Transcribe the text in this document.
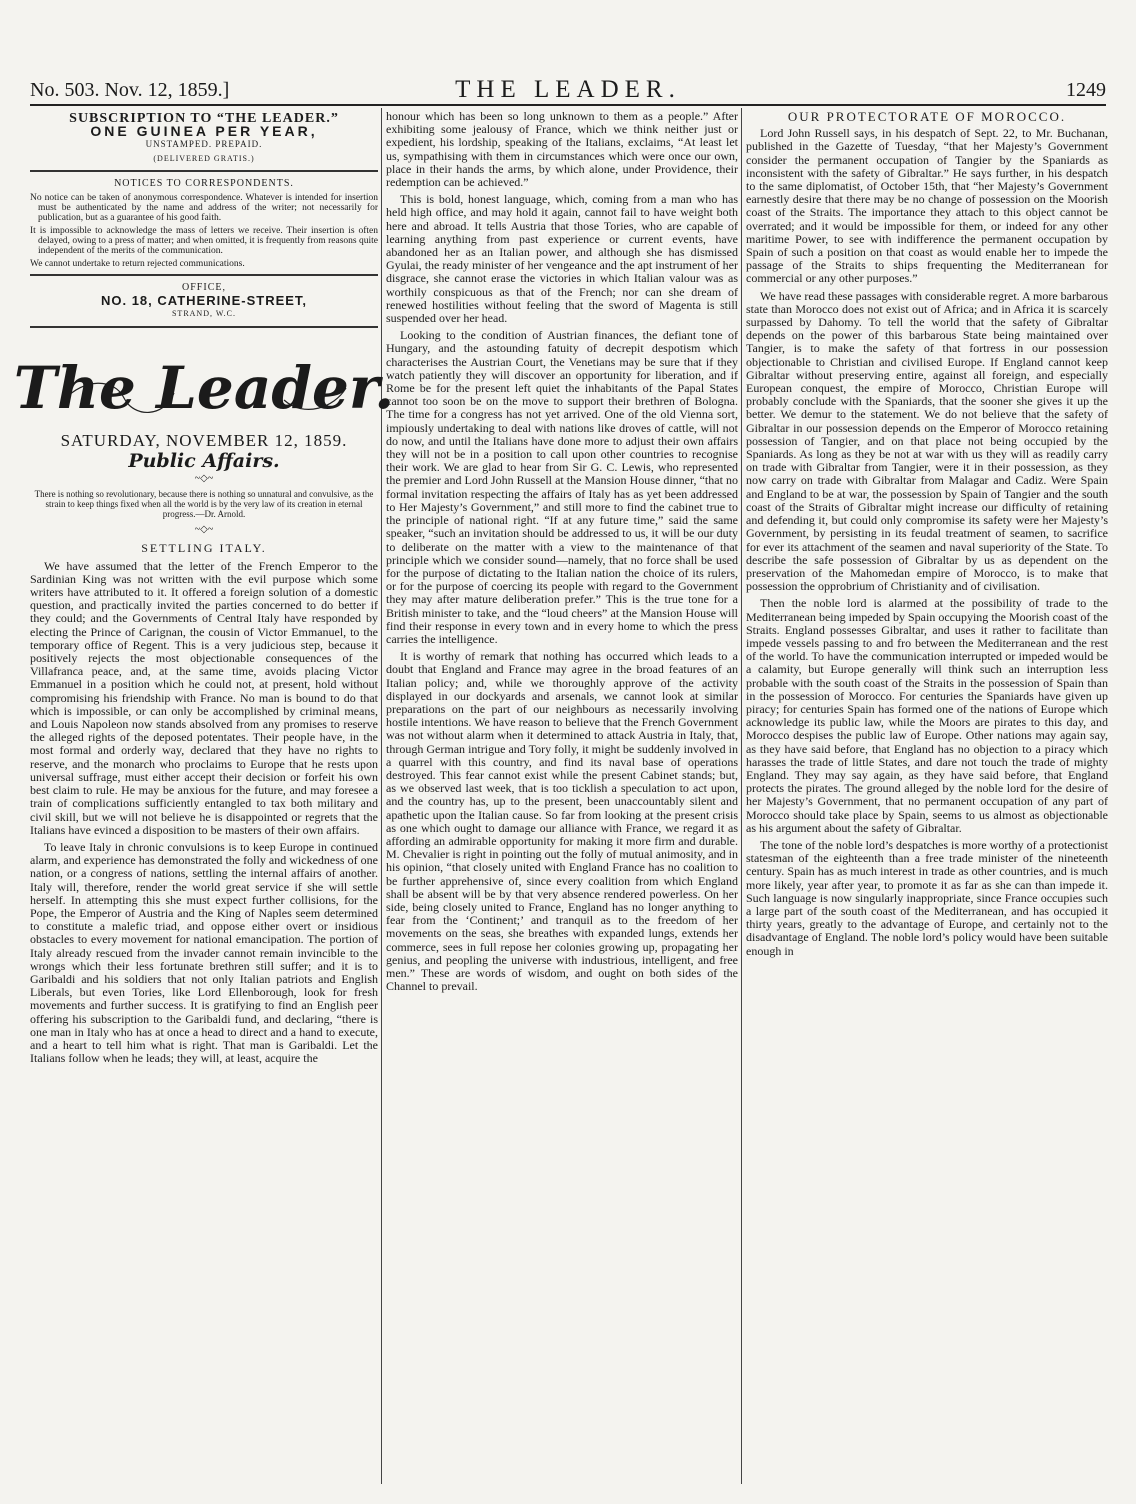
No. 503. Nov. 12, 1859.]	THE LEADER.	1249
SUBSCRIPTION TO “THE LEADER.”
ONE GUINEA PER YEAR,
UNSTAMPED. PREPAID.
(DELIVERED GRATIS.)
NOTICES TO CORRESPONDENTS.

No notice can be taken of anonymous correspondence. Whatever is intended for insertion must be authenticated by the name and address of the writer; not necessarily for publication, but as a guarantee of his good faith.

It is impossible to acknowledge the mass of letters we receive. Their insertion is often delayed, owing to a press of matter; and when omitted, it is frequently from reasons quite independent of the merits of the communication.

We cannot undertake to return rejected communications.

OFFICE,
NO. 18, CATHERINE-STREET,
STRAND, W.C.
The Leader.
SATURDAY, NOVEMBER 12, 1859.
Public Affairs.
~◇~
There is nothing so revolutionary, because there is nothing so unnatural and convulsive, as the strain to keep things fixed when all the world is by the very law of its creation in eternal progress.—Dr. Arnold.
~◇~
SETTLING ITALY.

We have assumed that the letter of the French Emperor to the Sardinian King was not written with the evil purpose which some writers have attributed to it. It offered a foreign solution of a domestic question, and practically invited the parties concerned to do better if they could; and the Governments of Central Italy have responded by electing the Prince of Carignan, the cousin of Victor Emmanuel, to the temporary office of Regent. This is a very judicious step, because it positively rejects the most objectionable consequences of the Villafranca peace, and, at the same time, avoids placing Victor Emmanuel in a position which he could not, at present, hold without compromising his friendship with France. No man is bound to do that which is impossible, or can only be accomplished by criminal means, and Louis Napoleon now stands absolved from any promises to reserve the alleged rights of the deposed potentates. Their people have, in the most formal and orderly way, declared that they have no rights to reserve, and the monarch who proclaims to Europe that he rests upon universal suffrage, must either accept their decision or forfeit his own best claim to rule. He may be anxious for the future, and may foresee a train of complications sufficiently entangled to tax both military and civil skill, but we will not believe he is disappointed or regrets that the Italians have evinced a disposition to be masters of their own affairs.

To leave Italy in chronic convulsions is to keep Europe in continued alarm, and experience has demonstrated the folly and wickedness of one nation, or a congress of nations, settling the internal affairs of another. Italy will, therefore, render the world great service if she will settle herself. In attempting this she must expect further collisions, for the Pope, the Emperor of Austria and the King of Naples seem determined to constitute a malefic triad, and oppose either overt or insidious obstacles to every movement for national emancipation. The portion of Italy already rescued from the invader cannot remain invincible to the wrongs which their less fortunate brethren still suffer; and it is to Garibaldi and his soldiers that not only Italian patriots and English Liberals, but even Tories, like Lord Ellenborough, look for fresh movements and further success. It is gratifying to find an English peer offering his subscription to the Garibaldi fund, and declaring, “there is one man in Italy who has at once a head to direct and a hand to execute, and a heart to tell him what is right. That man is Garibaldi. Let the Italians follow when he leads; they will, at least, acquire the

honour which has been so long unknown to them as a people.” After exhibiting some jealousy of France, which we think neither just or expedient, his lordship, speaking of the Italians, exclaims, “At least let us, sympathising with them in circumstances which were once our own, place in their hands the arms, by which alone, under Providence, their redemption can be achieved.”

This is bold, honest language, which, coming from a man who has held high office, and may hold it again, cannot fail to have weight both here and abroad. It tells Austria that those Tories, who are capable of learning anything from past experience or current events, have abandoned her as an Italian power, and although she has dismissed Gyulai, the ready minister of her vengeance and the apt instrument of her disgrace, she cannot erase the victories in which Italian valour was as worthily conspicuous as that of the French; nor can she dream of renewed hostilities without feeling that the sword of Magenta is still suspended over her head.

Looking to the condition of Austrian finances, the defiant tone of Hungary, and the astounding fatuity of decrepit despotism which characterises the Austrian Court, the Venetians may be sure that if they watch patiently they will discover an opportunity for liberation, and if Rome be for the present left quiet the inhabitants of the Papal States cannot too soon be on the move to support their brethren of Bologna. The time for a congress has not yet arrived. One of the old Vienna sort, impiously undertaking to deal with nations like droves of cattle, will not do now, and until the Italians have done more to adjust their own affairs they will not be in a position to call upon other countries to recognise their work. We are glad to hear from Sir G. C. Lewis, who represented the premier and Lord John Russell at the Mansion House dinner, “that no formal invitation respecting the affairs of Italy has as yet been addressed to Her Majesty’s Government,” and still more to find the cabinet true to the principle of national right. “If at any future time,” said the same speaker, “such an invitation should be addressed to us, it will be our duty to deliberate on the matter with a view to the maintenance of that principle which we consider sound—namely, that no force shall be used for the purpose of dictating to the Italian nation the choice of its rulers, or for the purpose of coercing its people with regard to the Government they may after mature deliberation prefer.” This is the true tone for a British minister to take, and the “loud cheers” at the Mansion House will find their response in every town and in every home to which the press carries the intelligence.

It is worthy of remark that nothing has occurred which leads to a doubt that England and France may agree in the broad features of an Italian policy; and, while we thoroughly approve of the activity displayed in our dockyards and arsenals, we cannot look at similar preparations on the part of our neighbours as necessarily involving hostile intentions. We have reason to believe that the French Government was not without alarm when it determined to attack Austria in Italy, that, through German intrigue and Tory folly, it might be suddenly involved in a quarrel with this country, and find its naval base of operations destroyed. This fear cannot exist while the present Cabinet stands; but, as we observed last week, that is too ticklish a speculation to act upon, and the country has, up to the present, been unaccountably silent and apathetic upon the Italian cause. So far from looking at the present crisis as one which ought to damage our alliance with France, we regard it as affording an admirable opportunity for making it more firm and durable. M. Chevalier is right in pointing out the folly of mutual animosity, and in his opinion, “that closely united with England France has no coalition to be further apprehensive of, since every coalition from which England shall be absent will be by that very absence rendered powerless. On her side, being closely united to France, England has no longer anything to fear from the ‘Continent;’ and tranquil as to the freedom of her movements on the seas, she breathes with expanded lungs, extends her commerce, sees in full repose her colonies growing up, propagating her genius, and peopling the universe with industrious, intelligent, and free men.” These are words of wisdom, and ought on both sides of the Channel to prevail.

OUR PROTECTORATE OF MOROCCO.

Lord John Russell says, in his despatch of Sept. 22, to Mr. Buchanan, published in the Gazette of Tuesday, “that her Majesty’s Government consider the permanent occupation of Tangier by the Spaniards as inconsistent with the safety of Gibraltar.” He says further, in his despatch to the same diplomatist, of October 15th, that “her Majesty’s Government earnestly desire that there may be no change of possession on the Moorish coast of the Straits. The importance they attach to this object cannot be overrated; and it would be impossible for them, or indeed for any other maritime Power, to see with indifference the permanent occupation by Spain of such a position on that coast as would enable her to impede the passage of the Straits to ships frequenting the Mediterranean for commercial or any other purposes.”

We have read these passages with considerable regret. A more barbarous state than Morocco does not exist out of Africa; and in Africa it is scarcely surpassed by Dahomy. To tell the world that the safety of Gibraltar depends on the power of this barbarous State being maintained over Tangier, is to make the safety of that fortress in our possession objectionable to Christian and civilised Europe. If England cannot keep Gibraltar without preserving entire, against all foreign, and especially European conquest, the empire of Morocco, Christian Europe will probably conclude with the Spaniards, that the sooner she gives it up the better. We demur to the statement. We do not believe that the safety of Gibraltar in our possession depends on the Emperor of Morocco retaining possession of Tangier, and on that place not being occupied by the Spaniards. As long as they be not at war with us they will as readily carry on trade with Gibraltar from Tangier, were it in their possession, as they now carry on trade with Gibraltar from Malagar and Cadiz. Were Spain and England to be at war, the possession by Spain of Tangier and the south coast of the Straits of Gibraltar might increase our difficulty of retaining and defending it, but could only compromise its safety were her Majesty’s Government, by persisting in its feudal treatment of seamen, to sacrifice for ever its attachment of the seamen and naval superiority of the State. To describe the safe possession of Gibraltar by us as dependent on the preservation of the Mahomedan empire of Morocco, is to make that possession the opprobrium of Christianity and of civilisation.

Then the noble lord is alarmed at the possibility of trade to the Mediterranean being impeded by Spain occupying the Moorish coast of the Straits. England possesses Gibraltar, and uses it rather to facilitate than impede vessels passing to and fro between the Mediterranean and the rest of the world. To have the communication interrupted or impeded would be a calamity, but Europe generally will think such an interruption less probable with the south coast of the Straits in the possession of Spain than in the possession of Morocco. For centuries the Spaniards have given up piracy; for centuries Spain has formed one of the nations of Europe which acknowledge its public law, while the Moors are pirates to this day, and Morocco despises the public law of Europe. Other nations may again say, as they have said before, that England has no objection to a piracy which harasses the trade of little States, and dare not touch the trade of mighty England. They may say again, as they have said before, that England protects the pirates. The ground alleged by the noble lord for the desire of her Majesty’s Government, that no permanent occupation of any part of Morocco should take place by Spain, seems to us almost as objectionable as his argument about the safety of Gibraltar.

The tone of the noble lord’s despatches is more worthy of a protectionist statesman of the eighteenth than a free trade minister of the nineteenth century. Spain has as much interest in trade as other countries, and is much more likely, year after year, to promote it as far as she can than impede it. Such language is now singularly inappropriate, since France occupies such a large part of the south coast of the Mediterranean, and has occupied it thirty years, greatly to the advantage of Europe, and certainly not to the disadvantage of England. The noble lord’s policy would have been suitable enough in
